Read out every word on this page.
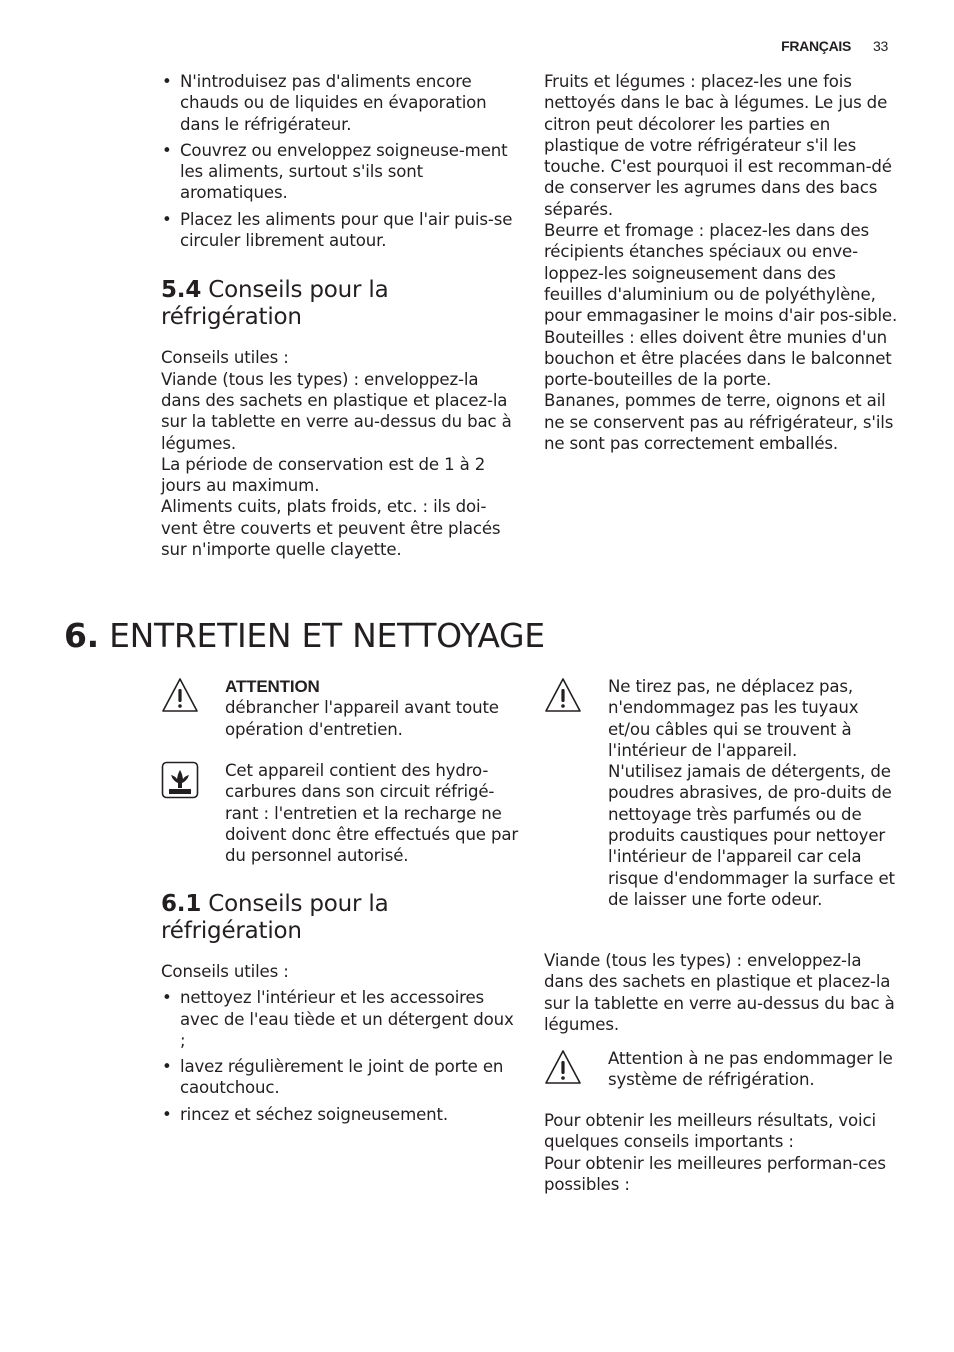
FRANÇAIS 33
• N'introduisez pas d'aliments encore chauds ou de liquides en évaporation dans le réfrigérateur.
• Couvrez ou enveloppez soigneuse-ment les aliments, surtout s'ils sont aromatiques.
• Placez les aliments pour que l'air puis-se circuler librement autour.
5.4 Conseils pour la réfrigération

Conseils utiles :

Viande (tous les types) : enveloppez-la dans des sachets en plastique et placez-la sur la tablette en verre au-dessus du bac à légumes.

La période de conservation est de 1 à 2 jours au maximum.

Aliments cuits, plats froids, etc. : ils doi-vent être couverts et peuvent être placés sur n'importe quelle clayette.

Fruits et légumes : placez-les une fois nettoyés dans le bac à légumes. Le jus de citron peut décolorer les parties en plastique de votre réfrigérateur s'il les touche. C'est pourquoi il est recomman-dé de conserver les agrumes dans des bacs séparés.

Beurre et fromage : placez-les dans des récipients étanches spéciaux ou enve-loppez-les soigneusement dans des feuilles d'aluminium ou de polyéthylène, pour emmagasiner le moins d'air pos-sible.

Bouteilles : elles doivent être munies d'un bouchon et être placées dans le balconnet porte-bouteilles de la porte.

Bananes, pommes de terre, oignons et ail ne se conservent pas au réfrigérateur, s'ils ne sont pas correctement emballés.

6. ENTRETIEN ET NETTOYAGE

ATTENTION

débrancher l'appareil avant toute opération d'entretien.

Cet appareil contient des hydro-carbures dans son circuit réfrigé-rant : l'entretien et la recharge ne doivent donc être effectués que par du personnel autorisé.

6.1 Conseils pour la réfrigération

Conseils utiles :

• nettoyez l'intérieur et les accessoires avec de l'eau tiède et un détergent doux ;
• lavez régulièrement le joint de porte en caoutchouc.
• rincez et séchez soigneusement.

Ne tirez pas, ne déplacez pas, n'endommagez pas les tuyaux et/ou câbles qui se trouvent à l'intérieur de l'appareil.

N'utilisez jamais de détergents, de poudres abrasives, de pro-duits de nettoyage très parfumés ou de produits caustiques pour nettoyer l'intérieur de l'appareil car cela risque d'endommager la surface et de laisser une forte odeur.

Viande (tous les types) : enveloppez-la dans des sachets en plastique et placez-la sur la tablette en verre au-dessus du bac à légumes.

Attention à ne pas endommager le système de réfrigération.

Pour obtenir les meilleurs résultats, voici quelques conseils importants :

Pour obtenir les meilleures performan-ces possibles :
